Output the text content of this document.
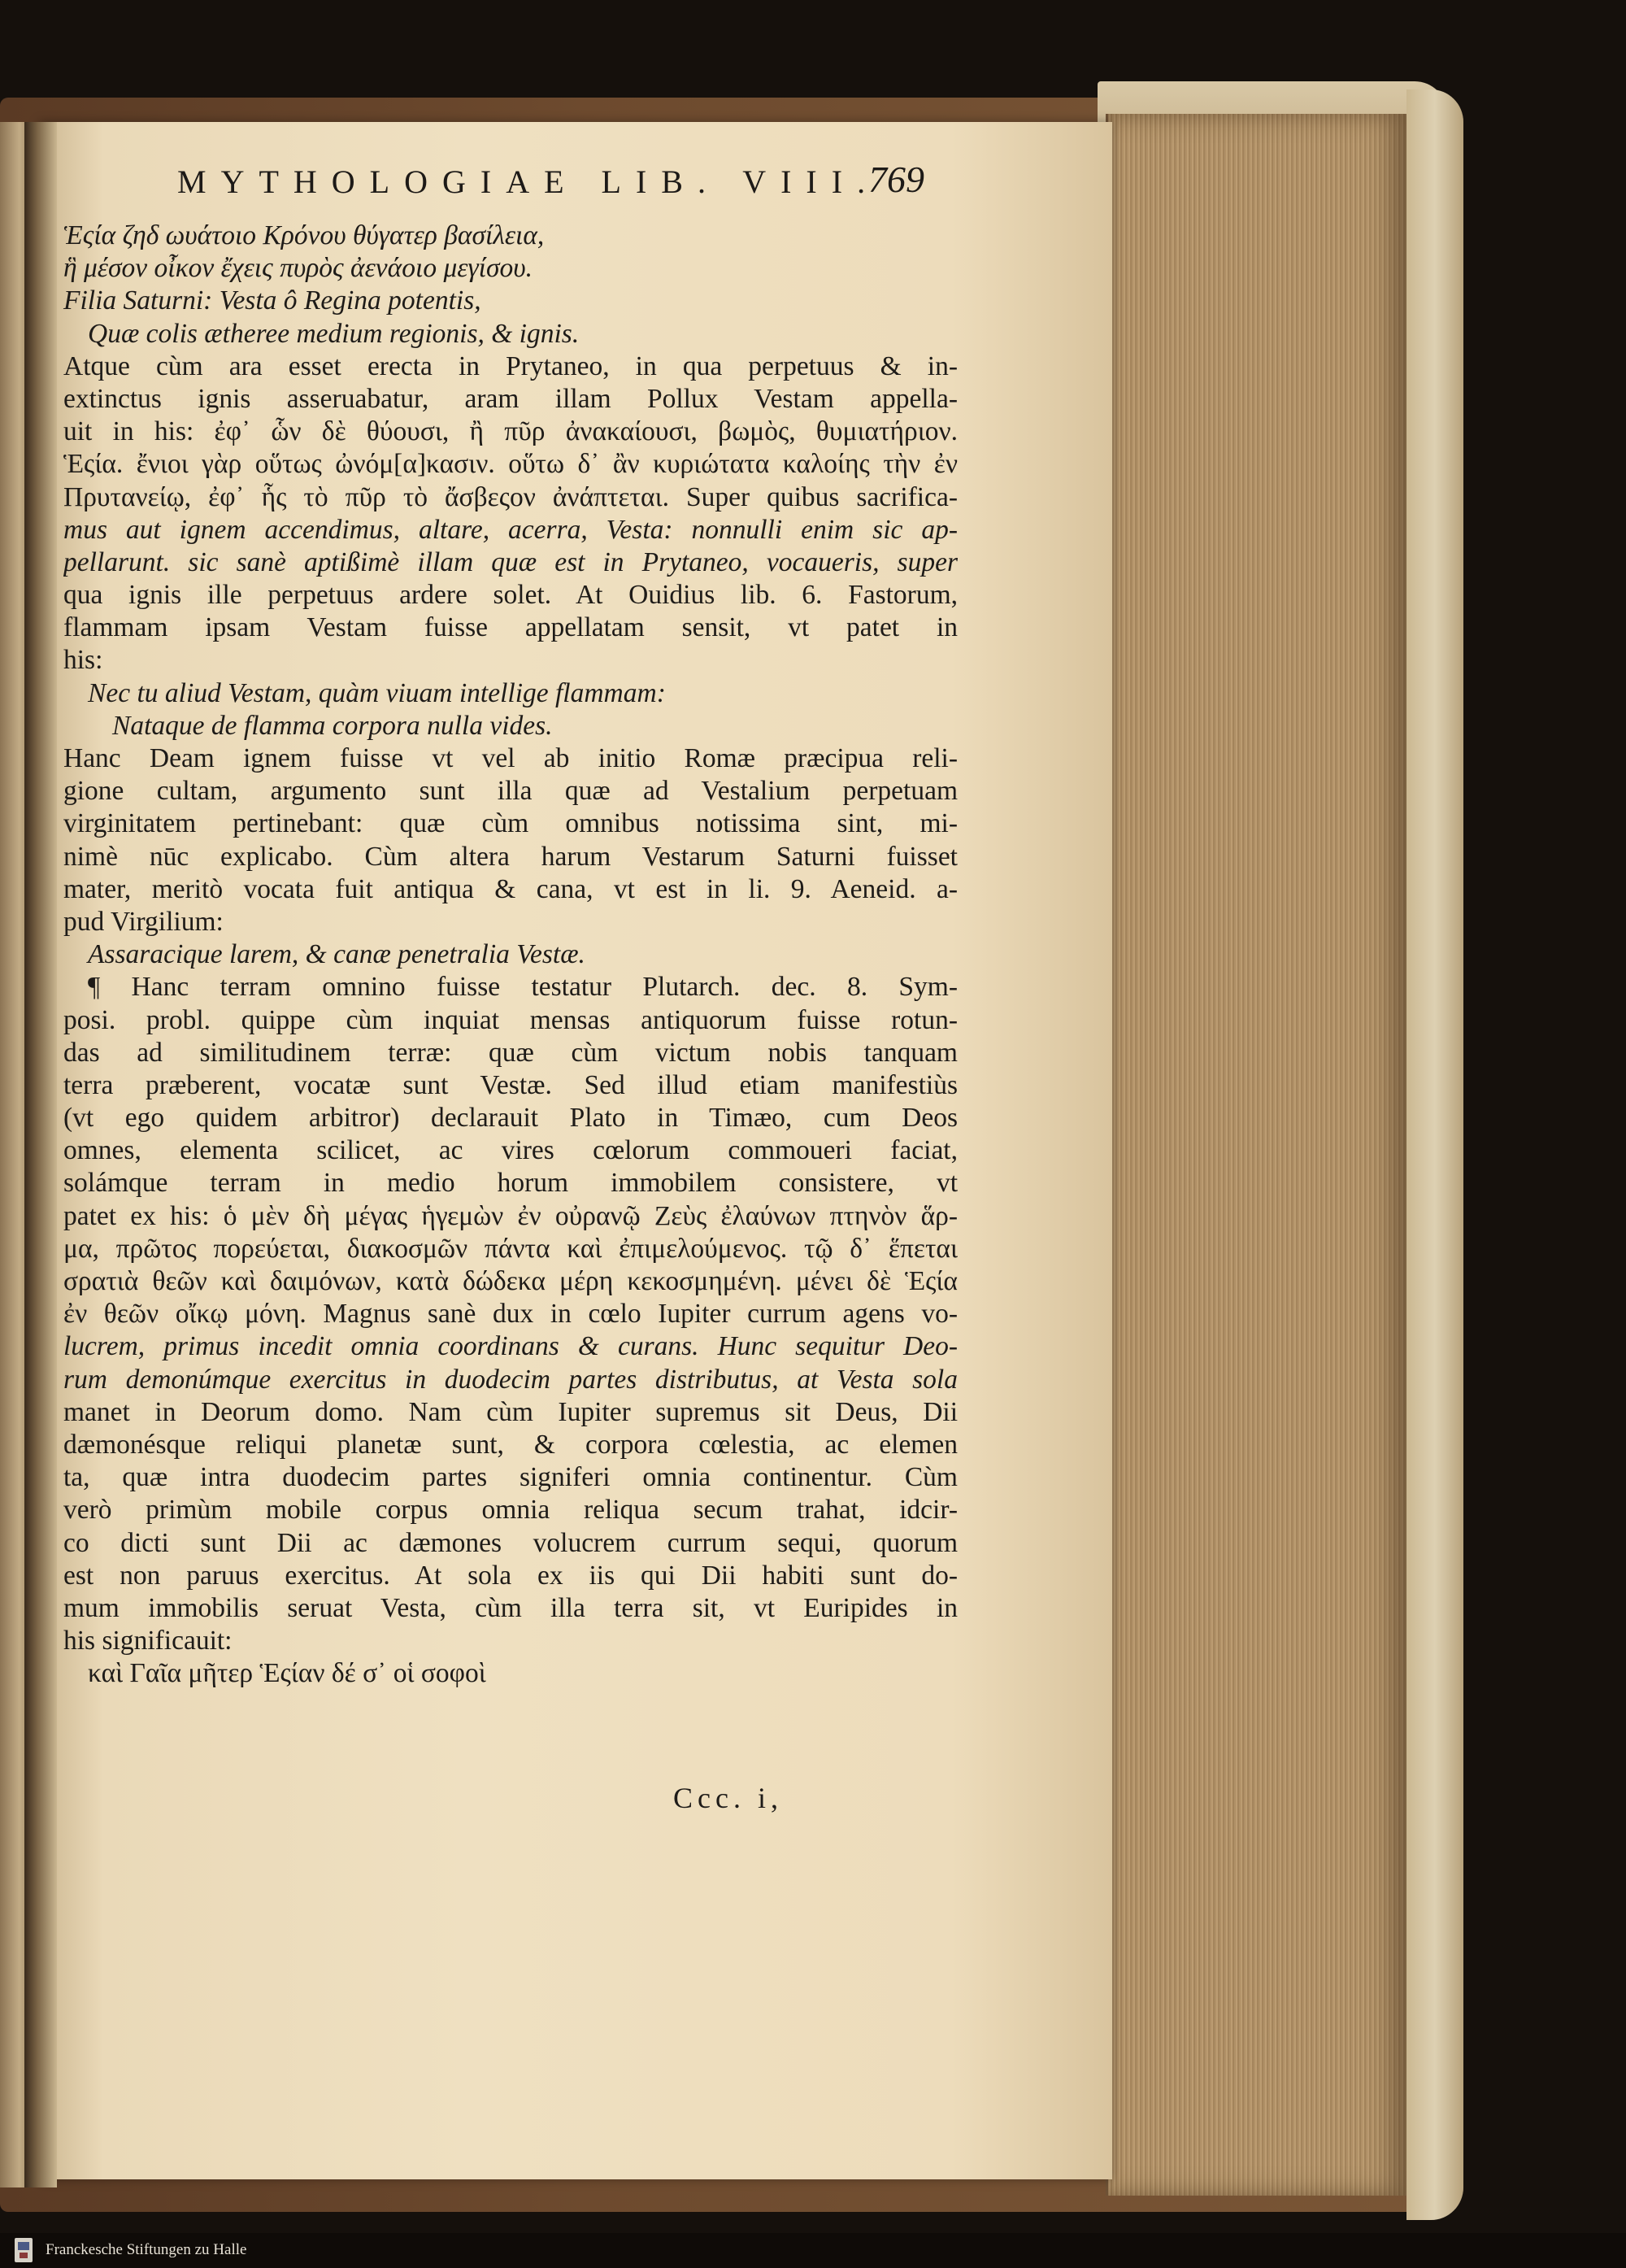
MYTHOLOGIAE LIB. VIII.
769
Ἑςία ζηδ ωυάτοιο Κρόνου θύγατερ βασίλεια,
ἣ μέσον οἶκον ἔχεις πυρὸς ἀενάοιο μεγίσου.
Filia Saturni: Vesta ô Regina potentis,
Quæ colis ætheree medium regionis, & ignis.
Atque cùm ara esset erecta in Prytaneo, in qua perpetuus & in-
extinctus ignis asseruabatur, aram illam Pollux Vestam appella-
uit in his: ἐφ᾽ ὧν δὲ θύουσι, ἢ πῦρ ἀνακαίουσι, βωμὸς, θυμιατήριον.
Ἑςία. ἔνιοι γὰρ οὕτως ὠνόμ[α]κασιν. οὕτω δ᾽ ἂν κυριώτατα καλοίης τὴν ἐν
Πρυτανείῳ, ἐφ᾽ ἧς τὸ πῦρ τὸ ἄσβεςον ἀνάπτεται. Super quibus sacrifica-
mus aut ignem accendimus, altare, acerra, Vesta: nonnulli enim sic ap-
pellarunt. sic sanè aptißimè illam quæ est in Prytaneo, vocaueris, super
qua ignis ille perpetuus ardere solet. At Ouidius lib. 6. Fastorum,
flammam ipsam Vestam fuisse appellatam sensit, vt patet in
his:
Nec tu aliud Vestam, quàm viuam intellige flammam:
Nataque de flamma corpora nulla vides.
Hanc Deam ignem fuisse vt vel ab initio Romæ præcipua reli-
gione cultam, argumento sunt illa quæ ad Vestalium perpetuam
virginitatem pertinebant: quæ cùm omnibus notissima sint, mi-
nimè nūc explicabo. Cùm altera harum Vestarum Saturni fuisset
mater, meritò vocata fuit antiqua & cana, vt est in li. 9. Aeneid. a-
pud Virgilium:
Assaracique larem, & canæ penetralia Vestæ.
¶ Hanc terram omnino fuisse testatur Plutarch. dec. 8. Sym-
posi. probl. quippe cùm inquiat mensas antiquorum fuisse rotun-
das ad similitudinem terræ: quæ cùm victum nobis tanquam
terra præberent, vocatæ sunt Vestæ. Sed illud etiam manifestiùs
(vt ego quidem arbitror) declarauit Plato in Timæo, cum Deos
omnes, elementa scilicet, ac vires cœlorum commoueri faciat,
solámque terram in medio horum immobilem consistere, vt
patet ex his: ὁ μὲν δὴ μέγας ἡγεμὼν ἐν οὐρανῷ Ζεὺς ἐλαύνων πτηνὸν ἅρ-
μα, πρῶτος πορεύεται, διακοσμῶν πάντα καὶ ἐπιμελούμενος. τῷ δ᾽ ἕπεται
σρατιὰ θεῶν καὶ δαιμόνων, κατὰ δώδεκα μέρη κεκοσμημένη. μένει δὲ Ἑςία
ἐν θεῶν οἴκῳ μόνη. Magnus sanè dux in cœlo Iupiter currum agens vo-
lucrem, primus incedit omnia coordinans & curans. Hunc sequitur Deo-
rum demonúmque exercitus in duodecim partes distributus, at Vesta sola
manet in Deorum domo. Nam cùm Iupiter supremus sit Deus, Dii
dæmonésque reliqui planetæ sunt, & corpora cœlestia, ac elemen
ta, quæ intra duodecim partes signiferi omnia continentur. Cùm
verò primùm mobile corpus omnia reliqua secum trahat, idcir-
co dicti sunt Dii ac dæmones volucrem currum sequi, quorum
est non paruus exercitus. At sola ex iis qui Dii habiti sunt do-
mum immobilis seruat Vesta, cùm illa terra sit, vt Euripides in
his significauit:
καὶ Γαῖα μῆτερ Ἑςίαν δέ σ᾽ οἱ σοφοὶ
Ccc. i,
Franckesche Stiftungen zu Halle
